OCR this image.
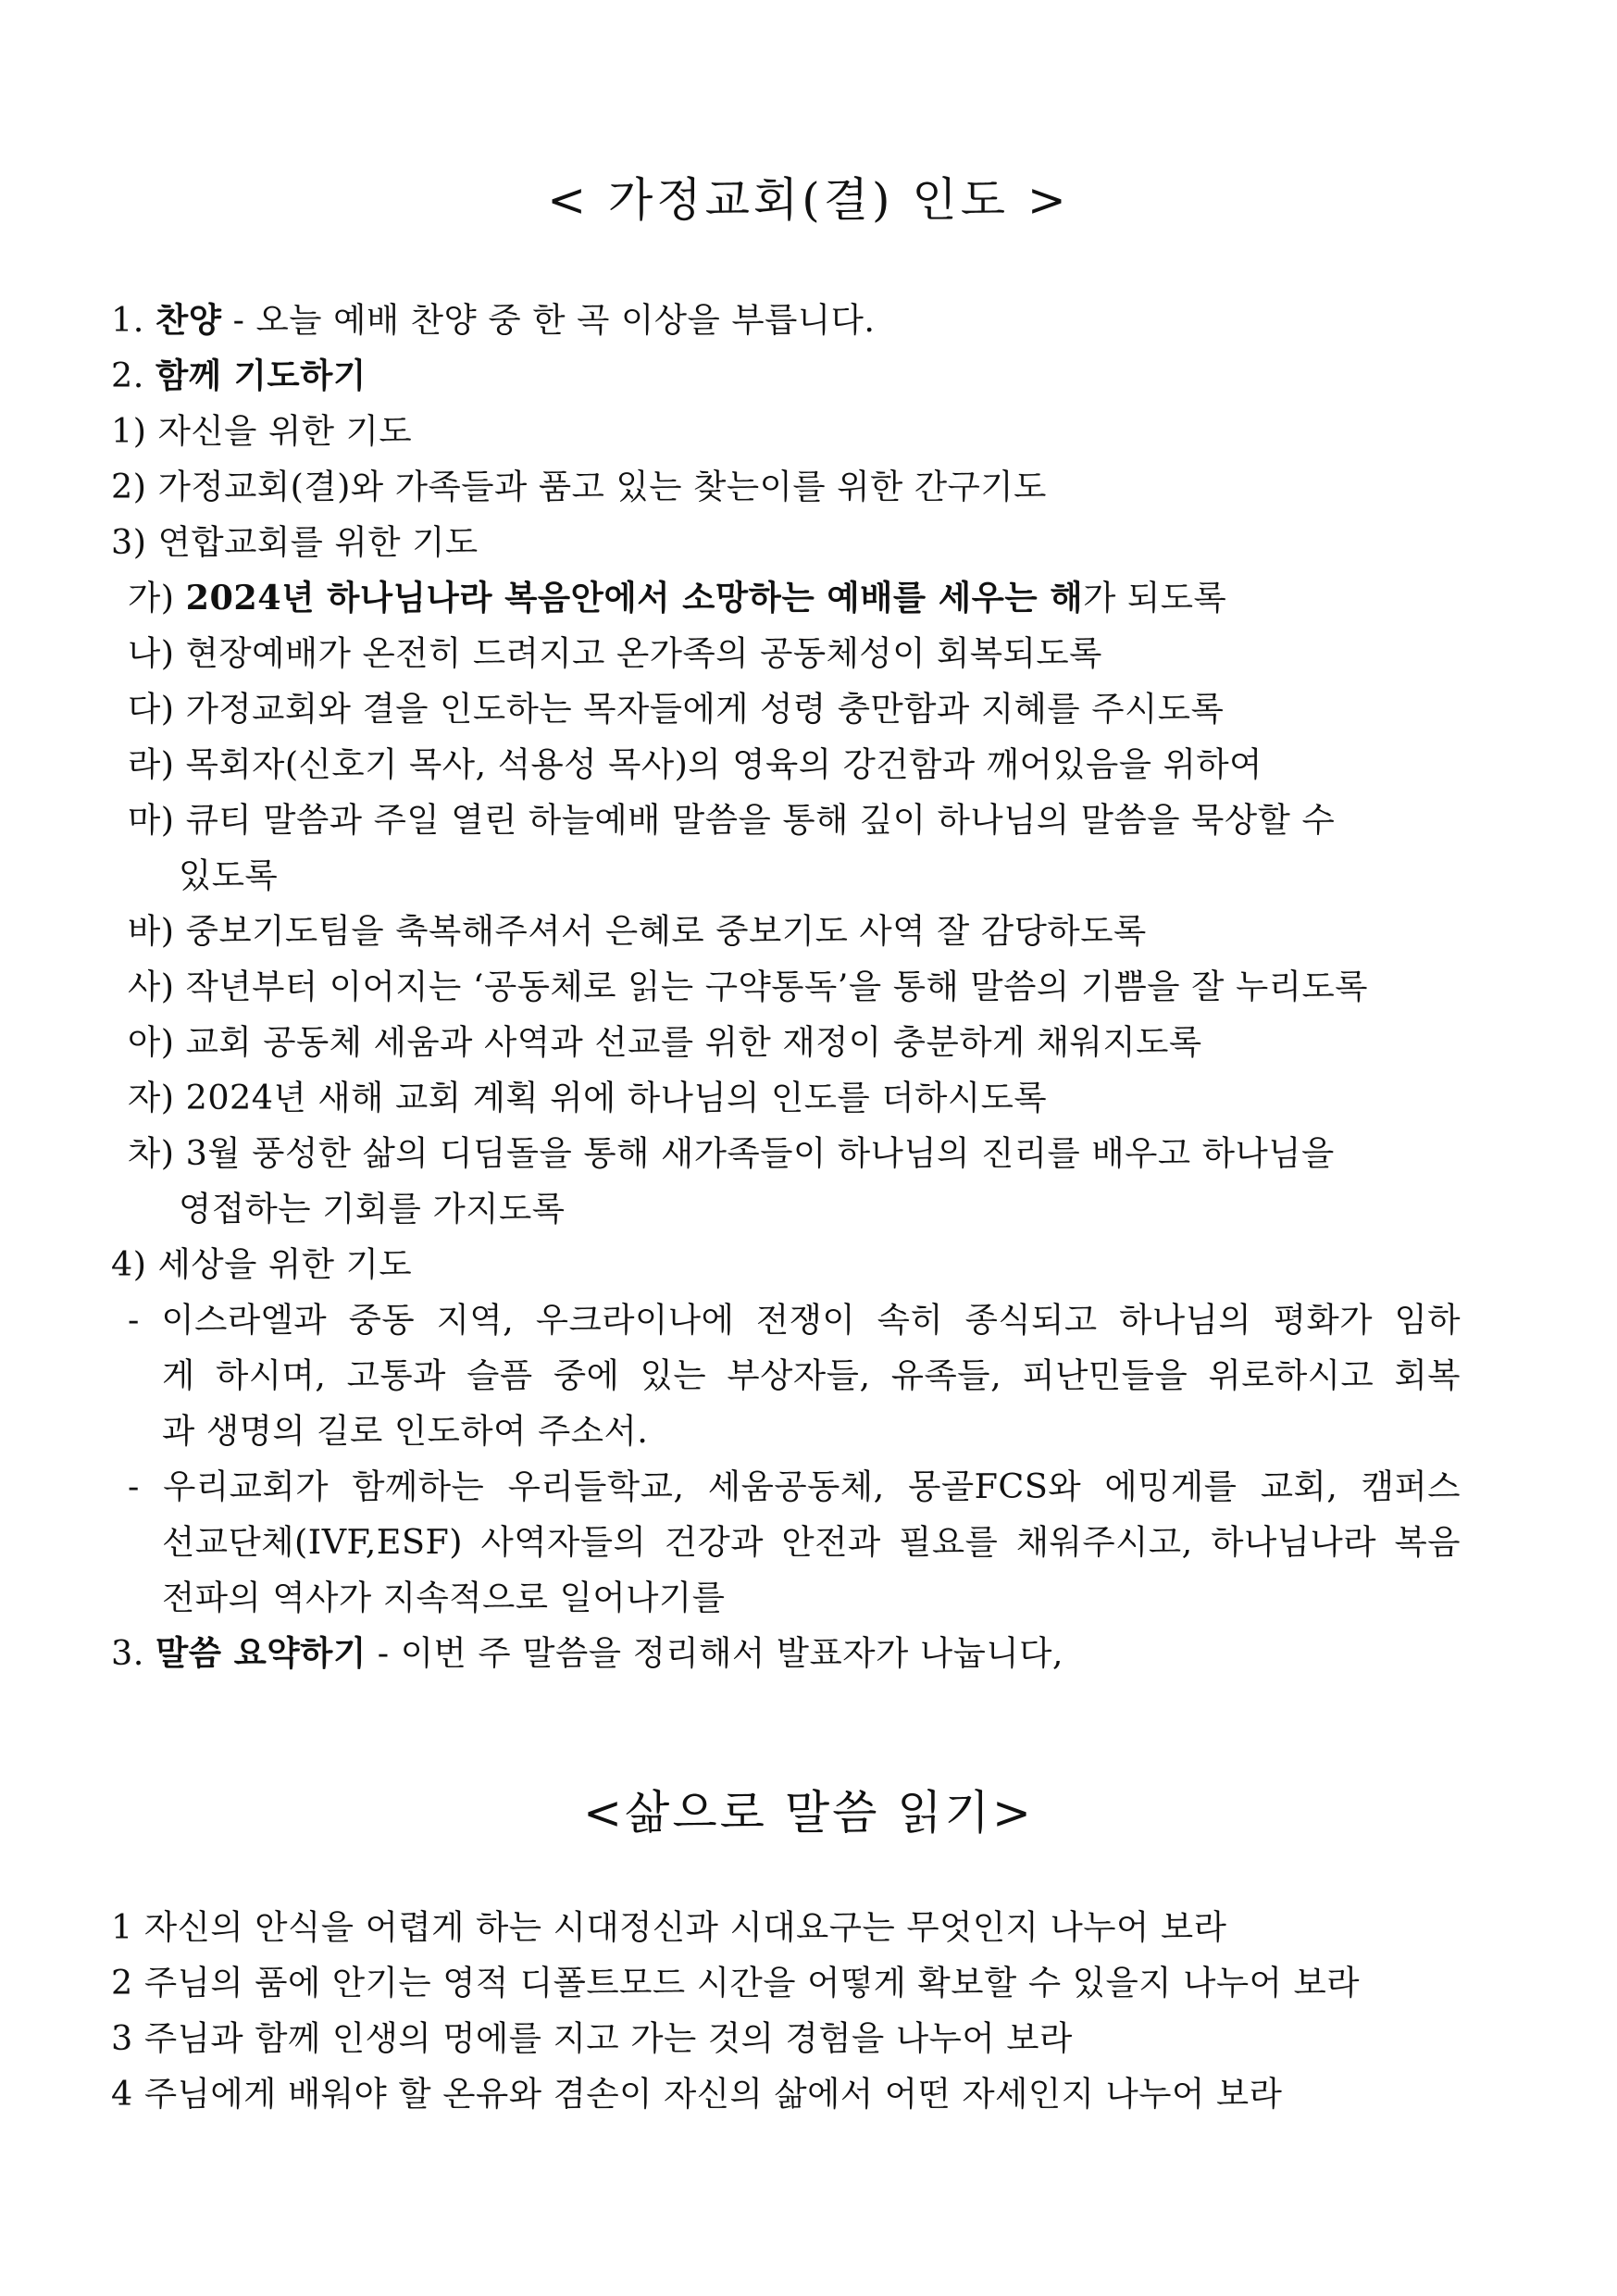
< 가정교회(결) 인도 >
1. 찬양 - 오늘 예배 찬양 중 한 곡 이상을 부릅니다.
2. 함께 기도하기
1) 자신을 위한 기도
2) 가정교회(결)와 가족들과 품고 있는 찾는이를 위한 간구기도
3) 연합교회를 위한 기도
가) 2024년 하나님나라 복음안에서 소망하는 예배를 세우는 해가 되도록
나) 현장예배가 온전히 드려지고 온가족의 공동체성이 회복되도록
다) 가정교회와 결을 인도하는 목자들에게 성령 충만함과 지혜를 주시도록
라) 목회자(신호기 목사, 석용성 목사)의 영육의 강건함과 깨어있음을 위하여
마) 큐티 말씀과 주일 열린 하늘예배 말씀을 통해 깊이 하나님의 말씀을 묵상할 수
있도록
바) 중보기도팀을 축복해주셔서 은혜로 중보기도 사역 잘 감당하도록
사) 작년부터 이어지는 ‘공동체로 읽는 구약통독’을 통해 말씀의 기쁨을 잘 누리도록
아) 교회 공동체 세움과 사역과 선교를 위한 재정이 충분하게 채워지도록
자) 2024년 새해 교회 계획 위에 하나님의 인도를 더하시도록
차) 3월 풍성한 삶의 디딤돌을 통해 새가족들이 하나님의 진리를 배우고 하나님을
영접하는 기회를 가지도록
4) 세상을 위한 기도
- 이스라엘과 중동 지역, 우크라이나에 전쟁이 속히 종식되고 하나님의 평화가 임하
게 하시며, 고통과 슬픔 중에 있는 부상자들, 유족들, 피난민들을 위로하시고 회복
과 생명의 길로 인도하여 주소서.
- 우리교회가 함께하는 우리들학교, 세움공동체, 몽골FCS와 에밍게를 교회, 캠퍼스
선교단체(IVF,ESF) 사역자들의 건강과 안전과 필요를 채워주시고, 하나님나라 복음
전파의 역사가 지속적으로 일어나기를
3. 말씀 요약하기 - 이번 주 말씀을 정리해서 발표자가 나눕니다,
<삶으로 말씀 읽기>
1 자신의 안식을 어렵게 하는 시대정신과 시대요구는 무엇인지 나누어 보라
2 주님의 품에 안기는 영적 디폴트모드 시간을 어떻게 확보할 수 있을지 나누어 보라
3 주님과 함께 인생의 멍에를 지고 가는 것의 경험을 나누어 보라
4 주님에게 배워야 할 온유와 겸손이 자신의 삶에서 어떤 자세인지 나누어 보라
